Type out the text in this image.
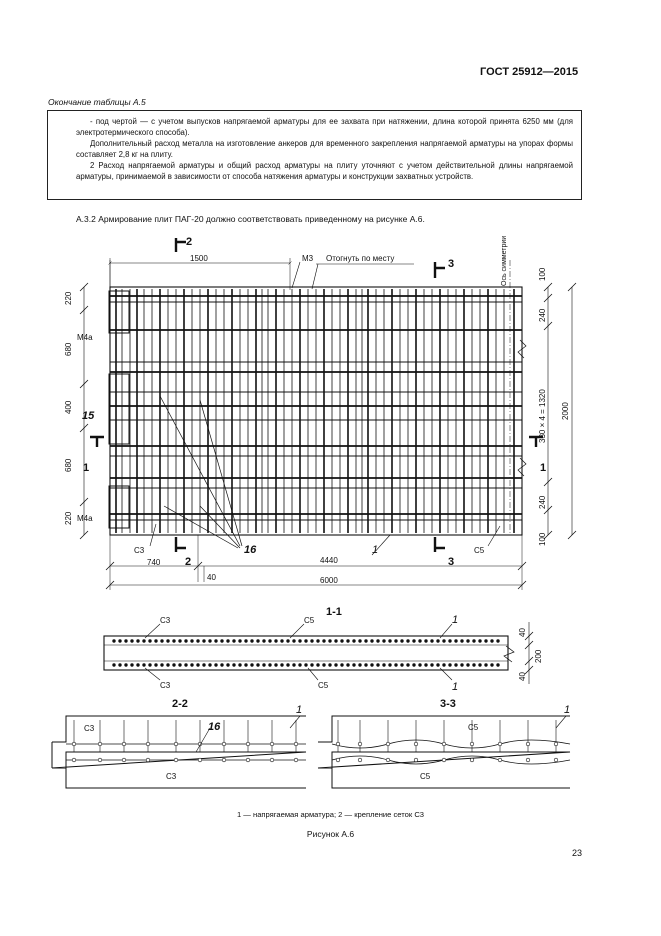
ГОСТ 25912—2015
Окончание таблицы А.5

- под чертой — с учетом выпусков напрягаемой арматуры для ее захвата при натяжении, длина которой принята 6250 мм (для электротермического способа).

Дополнительный расход металла на изготовление анкеров для временного закрепления напрягаемой арматуры на упорах формы составляет 2,8 кг на плиту.

2 Расход напрягаемой арматуры и общий расход арматуры на плиту уточняют с учетом действительной длины напрягаемой арматуры, принимаемой в зависимости от способа натяжения арматуры и конструкции захватных устройств.

А.3.2 Армирование плит ПАГ-20 должно соответствовать приведенному на рисунке А.6.
1500	М3 Отогнуть по месту
2
2
3
3
1	1
Ось симметрии
220
680
400
680
220
100
240
330 × 4 = 1320
240
100
2000
М4а
М4а
15
16	1
С3	С5
740	4440
40	6000
1-1
С3	С5	1
С3	С5	1
40
200
40
2-2
С3	16
1
С3
3-3
С5
1
С5
1 — напрягаемая арматура; 2 — крепление сеток С3
Рисунок А.6
23
